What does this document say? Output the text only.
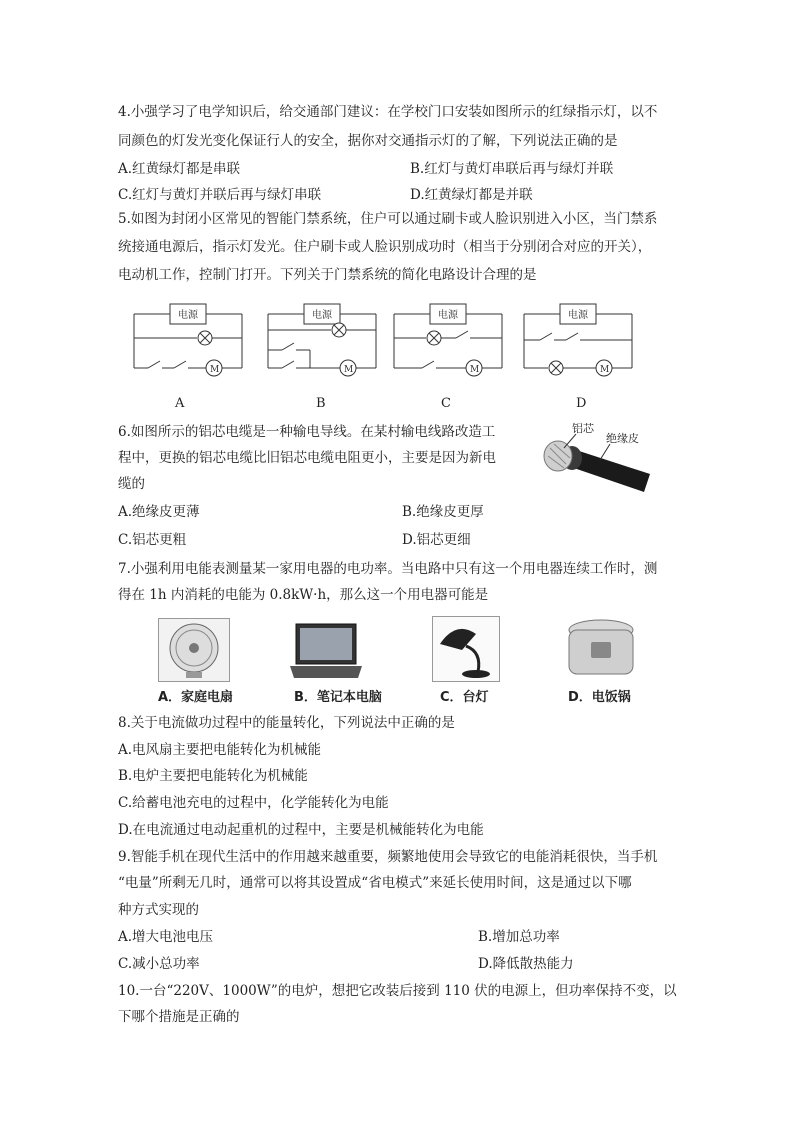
4.小强学习了电学知识后，给交通部门建议：在学校门口安装如图所示的红绿指示灯，以不
同颜色的灯发光变化保证行人的安全，据你对交通指示灯的了解，下列说法正确的是
A.红黄绿灯都是串联	B.红灯与黄灯串联后再与绿灯并联
C.红灯与黄灯并联后再与绿灯串联	D.红黄绿灯都是并联
5.如图为封闭小区常见的智能门禁系统，住户可以通过刷卡或人脸识别进入小区，当门禁系
统接通电源后，指示灯发光。住户刷卡或人脸识别成功时（相当于分别闭合对应的开关），
电动机工作，控制门打开。下列关于门禁系统的简化电路设计合理的是
电源
M
电源
M
电源
M
电源
M
A	B	C	D
6.如图所示的铝芯电缆是一种输电导线。在某村输电线路改造工
程中，更换的铝芯电缆比旧铝芯电缆电阻更小，主要是因为新电
缆的
铝芯
绝缘皮
A.绝缘皮更薄	B.绝缘皮更厚
C.铝芯更粗	D.铝芯更细
7.小强利用电能表测量某一家用电器的电功率。当电路中只有这一个用电器连续工作时，测
得在 1h 内消耗的电能为 0.8kW·h，那么这一个用电器可能是
A．家庭电扇	B．笔记本电脑	C．台灯	D．电饭锅
8.关于电流做功过程中的能量转化，下列说法中正确的是
A.电风扇主要把电能转化为机械能
B.电炉主要把电能转化为机械能
C.给蓄电池充电的过程中，化学能转化为电能
D.在电流通过电动起重机的过程中，主要是机械能转化为电能
9.智能手机在现代生活中的作用越来越重要，频繁地使用会导致它的电能消耗很快，当手机
“电量”所剩无几时，通常可以将其设置成“省电模式”来延长使用时间，这是通过以下哪
种方式实现的
A.增大电池电压	B.增加总功率
C.减小总功率	D.降低散热能力
10.一台“220V、1000W”的电炉，想把它改装后接到 110 伏的电源上，但功率保持不变，以
下哪个措施是正确的
